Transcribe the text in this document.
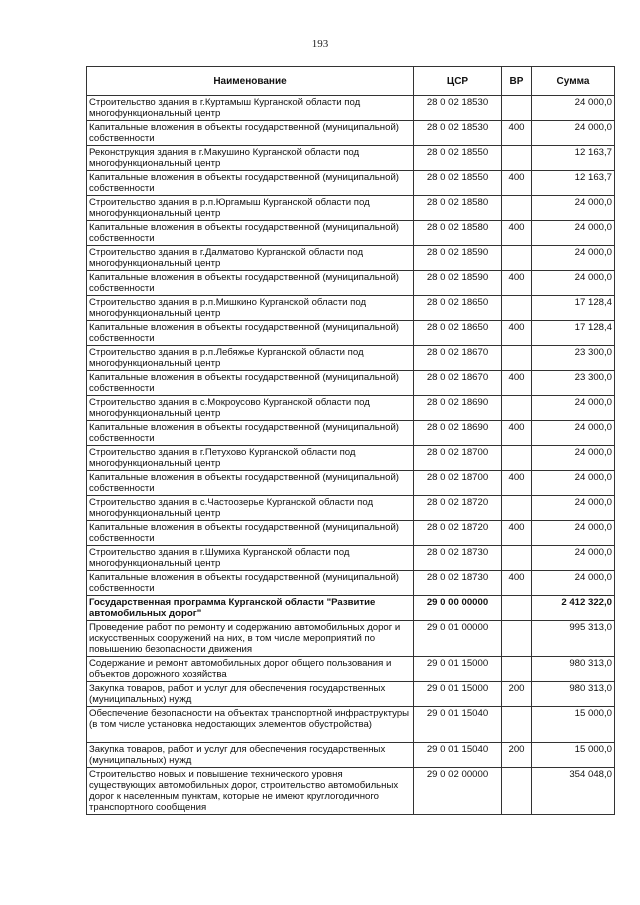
193
Наименование	ЦСР	ВР	Сумма
Строительство здания в г.Куртамыш Курганской области под многофункциональный центр	28 0 02 18530		24 000,0
Капитальные вложения в объекты государственной (муниципальной) собственности	28 0 02 18530	400	24 000,0
Реконструкция здания в г.Макушино Курганской области под многофункциональный центр	28 0 02 18550		12 163,7
Капитальные вложения в объекты государственной (муниципальной) собственности	28 0 02 18550	400	12 163,7
Строительство здания в р.п.Юргамыш Курганской области под многофункциональный центр	28 0 02 18580		24 000,0
Капитальные вложения в объекты государственной (муниципальной) собственности	28 0 02 18580	400	24 000,0
Строительство здания в г.Далматово Курганской области под многофункциональный центр	28 0 02 18590		24 000,0
Капитальные вложения в объекты государственной (муниципальной) собственности	28 0 02 18590	400	24 000,0
Строительство здания в р.п.Мишкино Курганской области под многофункциональный центр	28 0 02 18650		17 128,4
Капитальные вложения в объекты государственной (муниципальной) собственности	28 0 02 18650	400	17 128,4
Строительство здания в р.п.Лебяжье Курганской области под многофункциональный центр	28 0 02 18670		23 300,0
Капитальные вложения в объекты государственной (муниципальной) собственности	28 0 02 18670	400	23 300,0
Строительство здания в с.Мокроусово Курганской области под многофункциональный центр	28 0 02 18690		24 000,0
Капитальные вложения в объекты государственной (муниципальной) собственности	28 0 02 18690	400	24 000,0
Строительство здания в г.Петухово Курганской области под многофункциональный центр	28 0 02 18700		24 000,0
Капитальные вложения в объекты государственной (муниципальной) собственности	28 0 02 18700	400	24 000,0
Строительство здания в с.Частоозерье Курганской области под многофункциональный центр	28 0 02 18720		24 000,0
Капитальные вложения в объекты государственной (муниципальной) собственности	28 0 02 18720	400	24 000,0
Строительство здания в г.Шумиха Курганской области под многофункциональный центр	28 0 02 18730		24 000,0
Капитальные вложения в объекты государственной (муниципальной) собственности	28 0 02 18730	400	24 000,0
Государственная программа Курганской области "Развитие автомобильных дорог"	29 0 00 00000		2 412 322,0
Проведение работ по ремонту и содержанию автомобильных дорог и искусственных сооружений на них, в том числе мероприятий по повышению безопасности движения	29 0 01 00000		995 313,0
Содержание и ремонт автомобильных дорог общего пользования и объектов дорожного хозяйства	29 0 01 15000		980 313,0
Закупка товаров, работ и услуг для обеспечения государственных (муниципальных) нужд	29 0 01 15000	200	980 313,0
Обеспечение безопасности на объектах транспортной инфраструктуры (в том числе установка недостающих элементов обустройства)	29 0 01 15040		15 000,0
Закупка товаров, работ и услуг для обеспечения государственных (муниципальных) нужд	29 0 01 15040	200	15 000,0
Строительство новых и повышение технического уровня существующих автомобильных дорог, строительство автомобильных дорог к населенным пунктам, которые не имеют круглогодичного транспортного сообщения	29 0 02 00000		354 048,0
